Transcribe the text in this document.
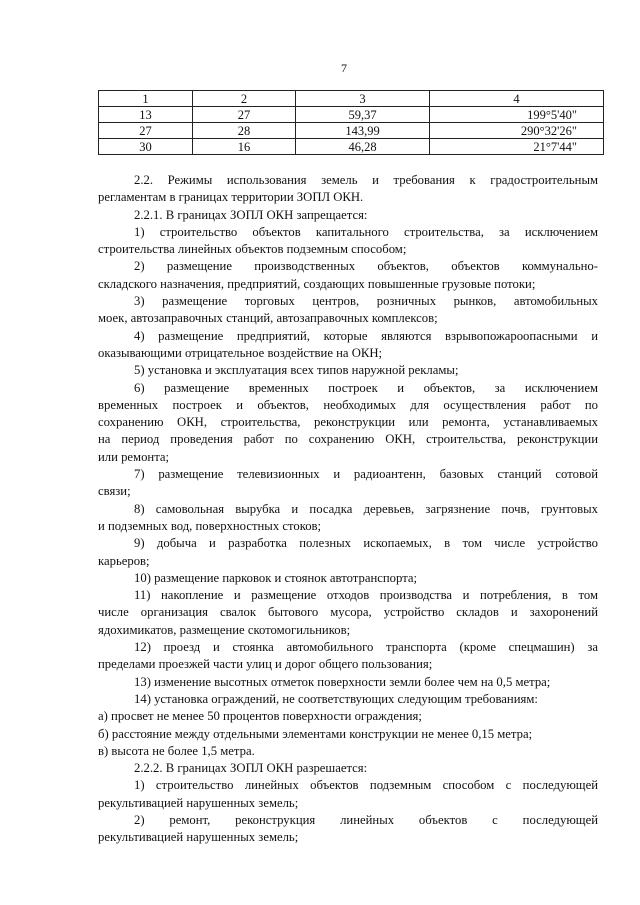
7
1	2	3	4
13	27	59,37	199°5'40"
27	28	143,99	290°32'26"
30	16	46,28	21°7'44"
2.2. Режимы использования земель и требования к градостроительным
регламентам в границах территории ЗОПЛ ОКН.
2.2.1. В границах ЗОПЛ ОКН запрещается:
1) строительство объектов капитального строительства, за исключением
строительства линейных объектов подземным способом;
2) размещение производственных объектов, объектов коммунально-
складского назначения, предприятий, создающих повышенные грузовые потоки;
3) размещение торговых центров, розничных рынков, автомобильных
моек, автозаправочных станций, автозаправочных комплексов;
4) размещение предприятий, которые являются взрывопожароопасными и
оказывающими отрицательное воздействие на ОКН;
5) установка и эксплуатация всех типов наружной рекламы;
6) размещение временных построек и объектов, за исключением
временных построек и объектов, необходимых для осуществления работ по
сохранению ОКН, строительства, реконструкции или ремонта, устанавливаемых
на период проведения работ по сохранению ОКН, строительства, реконструкции
или ремонта;
7) размещение телевизионных и радиоантенн, базовых станций сотовой
связи;
8) самовольная вырубка и посадка деревьев, загрязнение почв, грунтовых
и подземных вод, поверхностных стоков;
9) добыча и разработка полезных ископаемых, в том числе устройство
карьеров;
10) размещение парковок и стоянок автотранспорта;
11) накопление и размещение отходов производства и потребления, в том
числе организация свалок бытового мусора, устройство складов и захоронений
ядохимикатов, размещение скотомогильников;
12) проезд и стоянка автомобильного транспорта (кроме спецмашин) за
пределами проезжей части улиц и дорог общего пользования;
13) изменение высотных отметок поверхности земли более чем на 0,5 метра;
14) установка ограждений, не соответствующих следующим требованиям:
а) просвет не менее 50 процентов поверхности ограждения;
б) расстояние между отдельными элементами конструкции не менее 0,15 метра;
в) высота не более 1,5 метра.
2.2.2. В границах ЗОПЛ ОКН разрешается:
1) строительство линейных объектов подземным способом с последующей
рекультивацией нарушенных земель;
2) ремонт, реконструкция линейных объектов с последующей
рекультивацией нарушенных земель;
